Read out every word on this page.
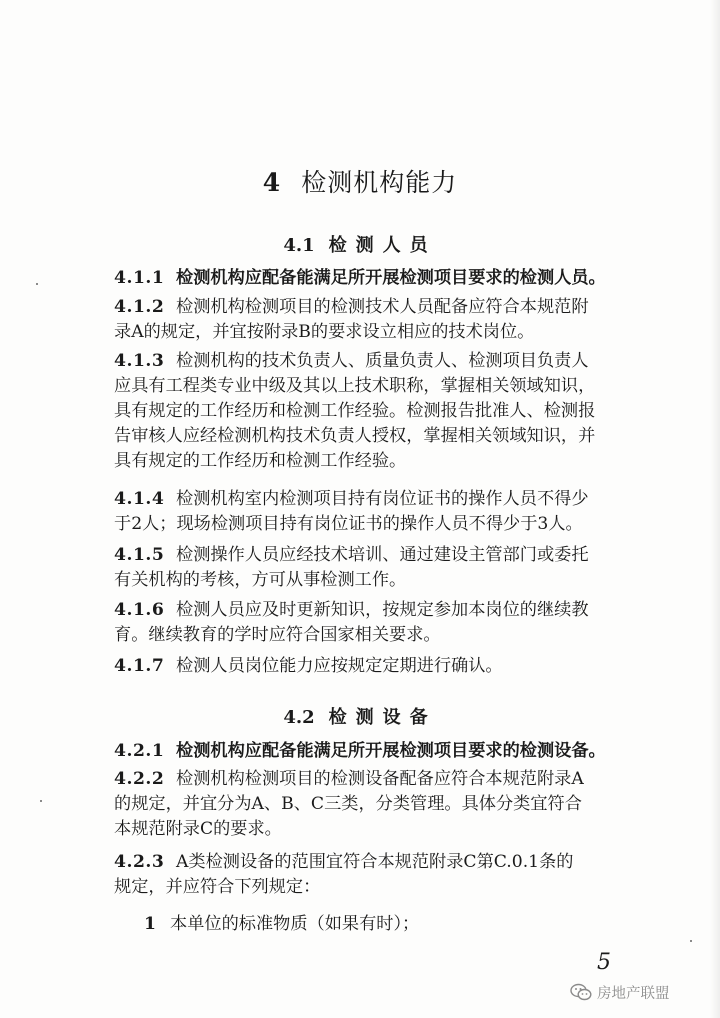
4 检测机构能力
4.1 检测人员
4.1.1 检测机构应配备能满足所开展检测项目要求的检测人员。
4.1.2 检测机构检测项目的检测技术人员配备应符合本规范附
录A的规定，并宜按附录B的要求设立相应的技术岗位。
4.1.3 检测机构的技术负责人、质量负责人、检测项目负责人
应具有工程类专业中级及其以上技术职称，掌握相关领域知识，
具有规定的工作经历和检测工作经验。检测报告批准人、检测报
告审核人应经检测机构技术负责人授权，掌握相关领域知识，并
具有规定的工作经历和检测工作经验。
4.1.4 检测机构室内检测项目持有岗位证书的操作人员不得少
于2人；现场检测项目持有岗位证书的操作人员不得少于3人。
4.1.5 检测操作人员应经技术培训、通过建设主管部门或委托
有关机构的考核，方可从事检测工作。
4.1.6 检测人员应及时更新知识，按规定参加本岗位的继续教
育。继续教育的学时应符合国家相关要求。
4.1.7 检测人员岗位能力应按规定定期进行确认。
4.2 检测设备
4.2.1 检测机构应配备能满足所开展检测项目要求的检测设备。
4.2.2 检测机构检测项目的检测设备配备应符合本规范附录A
的规定，并宜分为A、B、C三类，分类管理。具体分类宜符合
本规范附录C的要求。
4.2.3 A类检测设备的范围宜符合本规范附录C第C.0.1条的
规定，并应符合下列规定：
1 本单位的标准物质（如果有时）；
5
房地产联盟
